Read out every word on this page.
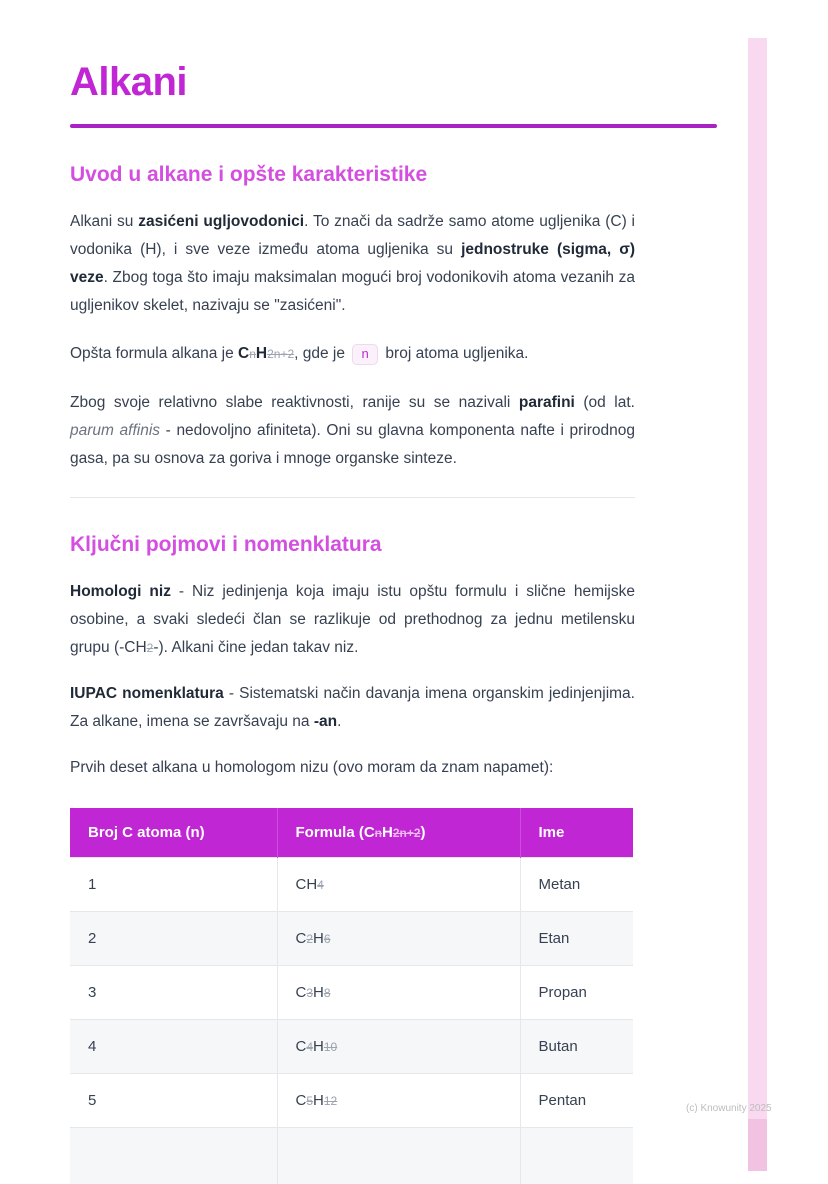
Alkani
Uvod u alkane i opšte karakteristike

Alkani su zasićeni ugljovodonici. To znači da sadrže samo atome ugljenika (C) i vodonika (H), i sve veze između atoma ugljenika su jednostruke (sigma, σ) veze. Zbog toga što imaju maksimalan mogući broj vodonikovih atoma vezanih za ugljenikov skelet, nazivaju se "zasićeni".

Opšta formula alkana je CnH2n+2, gde je n broj atoma ugljenika.

Zbog svoje relativno slabe reaktivnosti, ranije su se nazivali parafini (od lat. parum affinis - nedovoljno afiniteta). Oni su glavna komponenta nafte i prirodnog gasa, pa su osnova za goriva i mnoge organske sinteze.

Ključni pojmovi i nomenklatura

Homologi niz - Niz jedinjenja koja imaju istu opštu formulu i slične hemijske osobine, a svaki sledeći član se razlikuje od prethodnog za jednu metilensku grupu (-CH2-). Alkani čine jedan takav niz.

IUPAC nomenklatura - Sistematski način davanja imena organskim jedinjenjima. Za alkane, imena se završavaju na -an.

Prvih deset alkana u homologom nizu (ovo moram da znam napamet):

Broj C atoma (n)	Formula (CnH2n+2)	Ime
1	CH4	Metan
2	C2H6	Etan
3	C3H8	Propan
4	C4H10	Butan
5	C5H12	Pentan
			(c) Knowunity 2025
